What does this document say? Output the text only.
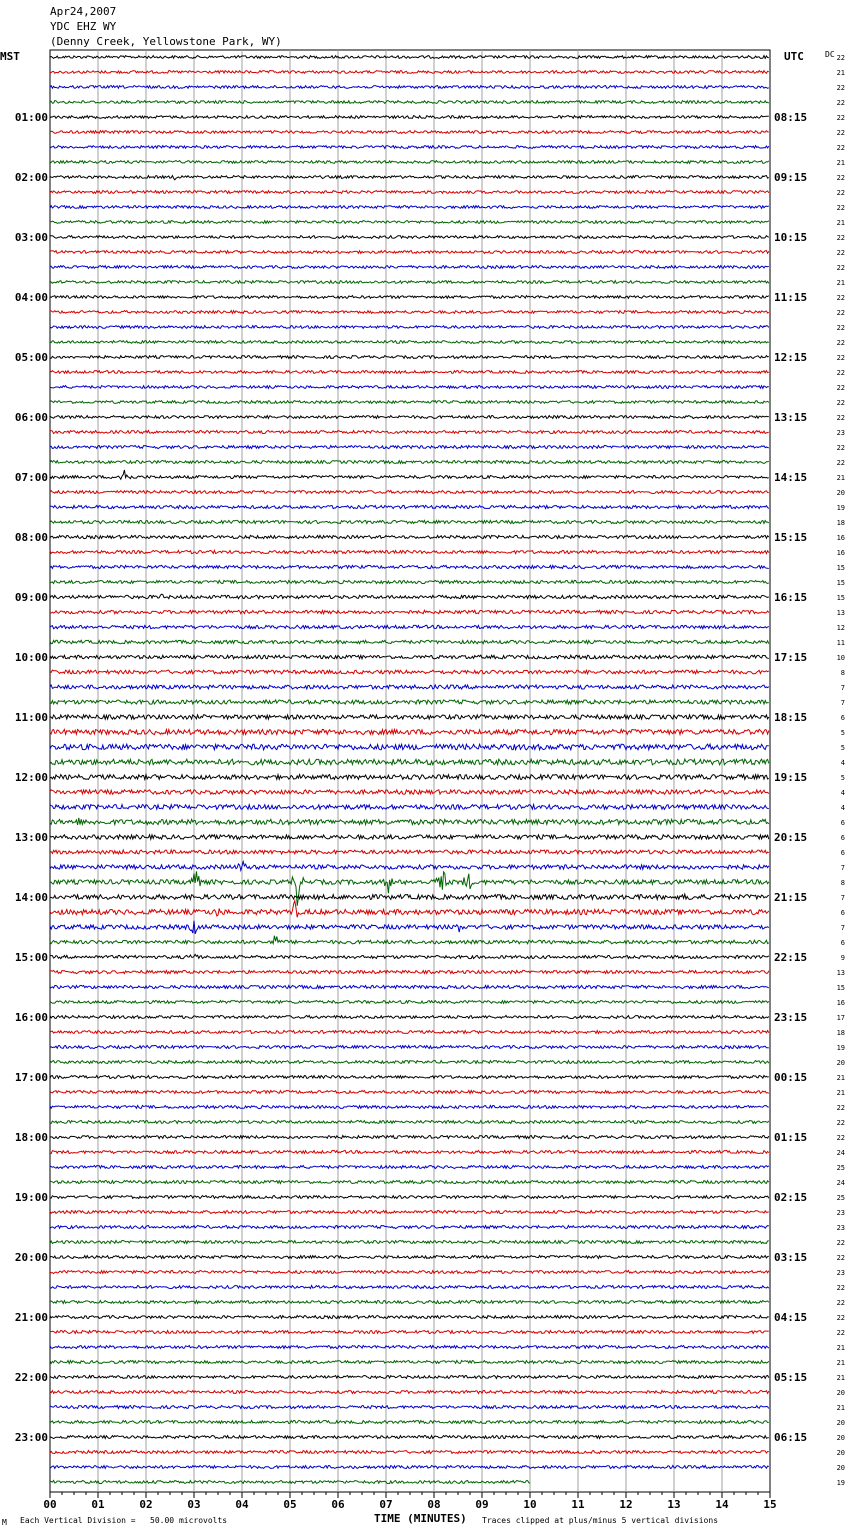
Apr24,2007
YDC EHZ WY
(Denny Creek, Yellowstone Park, WY)
MST	UTC	DC 22
21
22
22
22
22
22
21
22
22
22
21
22
22
22
21
22
22
22
22
22
22
22
22
22
23
22
22
21
20
19
18
16
16
15
15
15
13
12
11
10
8
7
7
6
5
5
4
5
4
4
6
6
6
7
8
7
6
7
6
9
13
15
16
17
18
19
20
21
21
22
22
22
24
25
24
25
23
23
22
22
23
22
22
22
22
21
21
21
20
21
20
20
20
20
19
01:00	08:15
02:00	09:15
03:00	10:15
04:00	11:15
05:00	12:15
06:00	13:15
07:00	14:15
08:00	15:15
09:00	16:15
10:00	17:15
11:00	18:15
12:00	19:15
13:00	20:15
14:00	21:15
15:00	22:15
16:00	23:15
17:00	00:15
18:00	01:15
19:00	02:15
20:00	03:15
21:00	04:15
22:00	05:15
23:00	06:15
00	01	02	03	04	05	06	07	08	09	10	11	12	13	14	15
M Each Vertical Division =   50.00 microvolts	Traces clipped at plus/minus 5 vertical divisions
TIME (MINUTES)
